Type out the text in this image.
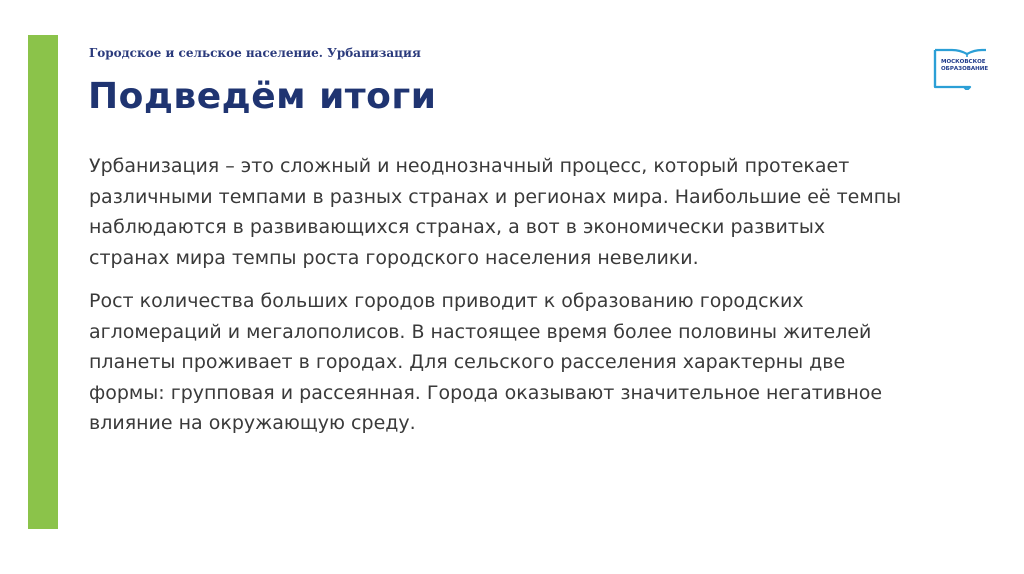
Городское и сельское население. Урбанизация
Подведём итоги
МОСКОВСКОЕ
ОБРАЗОВАНИЕ

Урбанизация – это сложный и неоднозначный процесс, который протекает
различными темпами в разных странах и регионах мира. Наибольшие её темпы
наблюдаются в развивающихся странах, а вот в экономически развитых
странах мира темпы роста городского населения невелики.

Рост количества больших городов приводит к образованию городских
агломераций и мегалополисов. В настоящее время более половины жителей
планеты проживает в городах. Для сельского расселения характерны две
формы: групповая и рассеянная. Города оказывают значительное негативное
влияние на окружающую среду.
